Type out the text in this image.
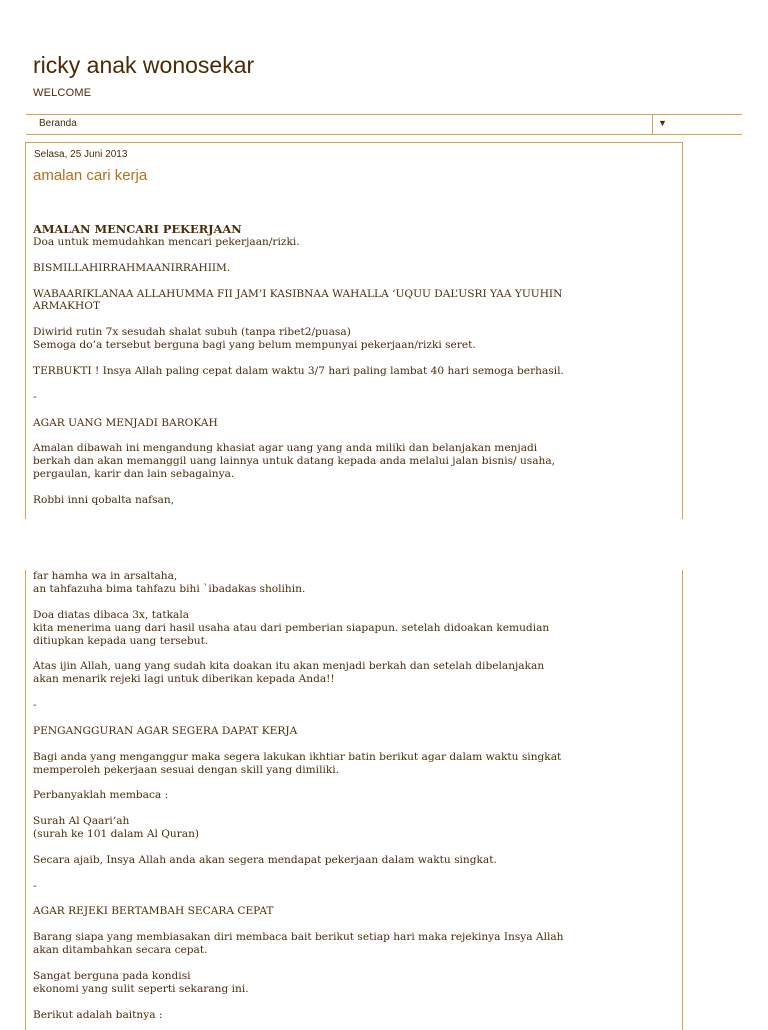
ricky anak wonosekar
WELCOME
Beranda	▼
Selasa, 25 Juni 2013
amalan cari kerja
AMALAN MENCARI PEKERJAAN
Doa untuk memudahkan mencari pekerjaan/rizki.
BISMILLAHIRRAHMAANIRRAHIIM.
WABAARIKLANAA ALLAHUMMA FII JAM’I KASIBNAA WAHALLA ‘UQUU DAL’USRI YAA YUUHIN
ARMAKHOT
Diwirid rutin 7x sesudah shalat subuh (tanpa ribet2/puasa)
Semoga do’a tersebut berguna bagi yang belum mempunyai pekerjaan/rizki seret.
TERBUKTI ! Insya Allah paling cepat dalam waktu 3/7 hari paling lambat 40 hari semoga berhasil.
-
AGAR UANG MENJADI BAROKAH
Amalan dibawah ini mengandung khasiat agar uang yang anda miliki dan belanjakan menjadi
berkah dan akan memanggil uang lainnya untuk datang kepada anda melalui jalan bisnis/ usaha,
pergaulan, karir dan lain sebagainya.
Robbi inni qobalta nafsan,
far hamha wa in arsaltaha,
an tahfazuha bima tahfazu bihi `ibadakas sholihin.
Doa diatas dibaca 3x, tatkala
kita menerima uang dari hasil usaha atau dari pemberian siapapun. setelah didoakan kemudian
ditiupkan kepada uang tersebut.
Atas ijin Allah, uang yang sudah kita doakan itu akan menjadi berkah dan setelah dibelanjakan
akan menarik rejeki lagi untuk diberikan kepada Anda!!
-
PENGANGGURAN AGAR SEGERA DAPAT KERJA
Bagi anda yang menganggur maka segera lakukan ikhtiar batin berikut agar dalam waktu singkat
memperoleh pekerjaan sesuai dengan skill yang dimiliki.
Perbanyaklah membaca :
Surah Al Qaari’ah
(surah ke 101 dalam Al Quran)
Secara ajaib, Insya Allah anda akan segera mendapat pekerjaan dalam waktu singkat.
-
AGAR REJEKI BERTAMBAH SECARA CEPAT
Barang siapa yang membiasakan diri membaca bait berikut setiap hari maka rejekinya Insya Allah
akan ditambahkan secara cepat.
Sangat berguna pada kondisi
ekonomi yang sulit seperti sekarang ini.
Berikut adalah baitnya :
